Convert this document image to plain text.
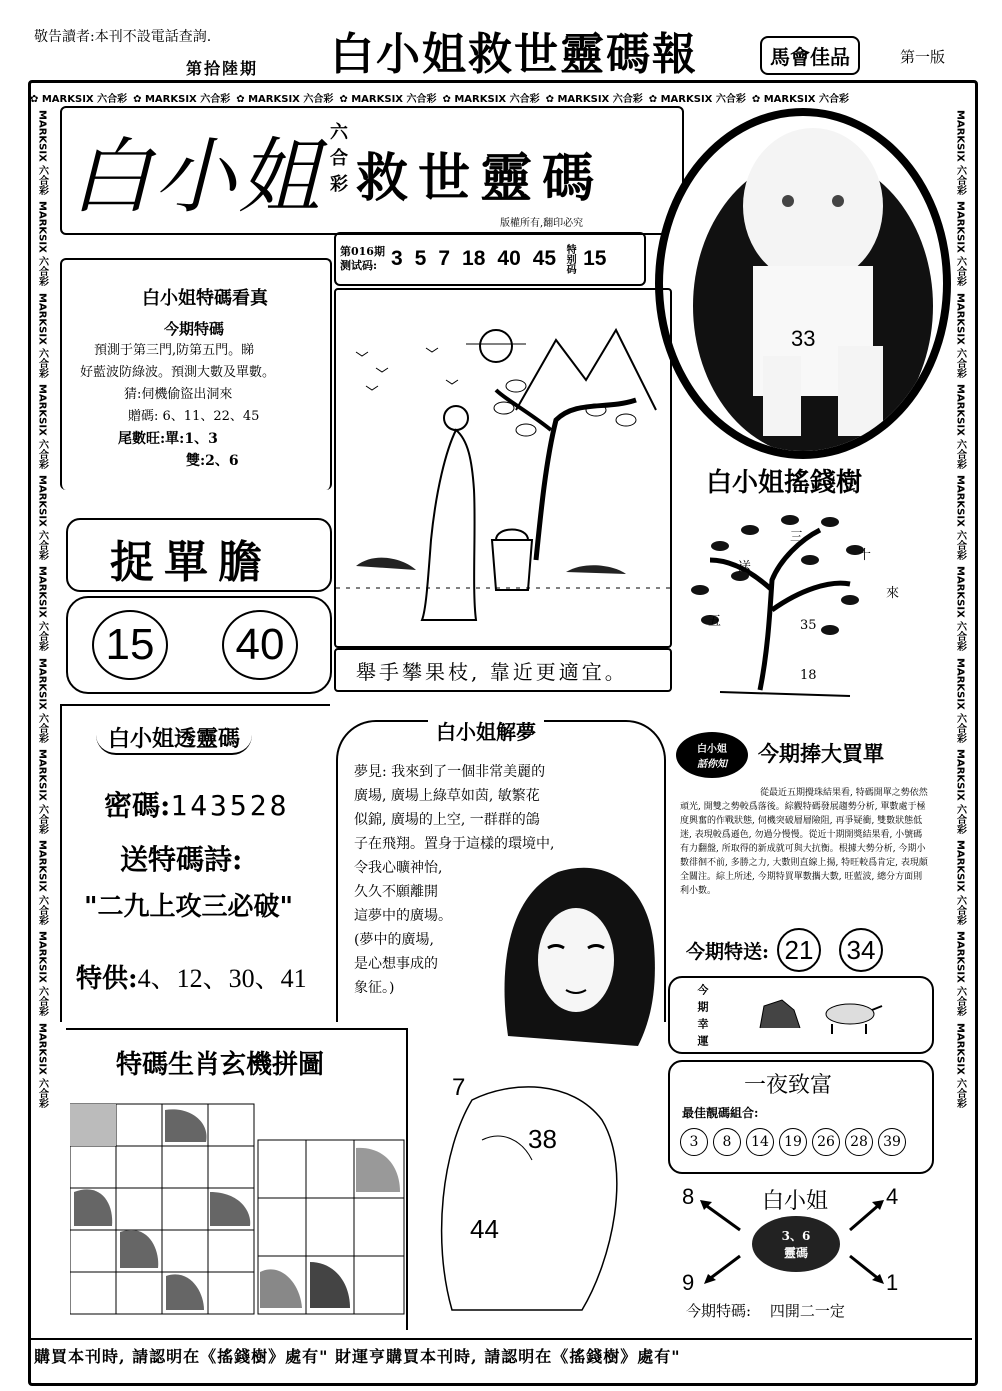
敬告讀者:本刊不設電話查詢.
第拾陸期 白小姐救世靈碼報	馬會佳品	第一版
✿ MARKSIX 六合彩 ✿ MARKSIX 六合彩 ✿ MARKSIX 六合彩 ✿ MARKSIX 六合彩 ✿ MARKSIX 六合彩 ✿ MARKSIX 六合彩 ✿ MARKSIX 六合彩 ✿ MARKSIX 六合彩
MARKSIX 六合彩
MARKSIX 六合彩
MARKSIX 六合彩
MARKSIX 六合彩
MARKSIX 六合彩
MARKSIX 六合彩
MARKSIX 六合彩
MARKSIX 六合彩
MARKSIX 六合彩
MARKSIX 六合彩
MARKSIX 六合彩
MARKSIX 六合彩
MARKSIX 六合彩
MARKSIX 六合彩
MARKSIX 六合彩
MARKSIX 六合彩
MARKSIX 六合彩
MARKSIX 六合彩
MARKSIX 六合彩
MARKSIX 六合彩
MARKSIX 六合彩
MARKSIX 六合彩
白小姐 六
合
彩 救世靈碼
版權所有,翻印必究
33
第016期
测试码: 3 5 7 18 40 45 特别码 15
白小姐特碼看真
今期特碼
預測于第三門,防第五門。睇
好藍波防綠波。預測大數及單數。
猜:伺機偷盜出洞來
贈碼: 6、11、22、45
尾數旺:單:1、3
雙:2、6
捉單膽
15	40
舉手攀果枝, 靠近更適宜。
白小姐搖錢樹
三
十
送
來
五	35
18
白小姐透靈碼
密碼:143528
送特碼詩:
"二九上攻三必破"
特供:4、12、30、41
白小姐解夢
夢見: 我來到了一個非常美麗的
廣場, 廣場上綠草如茵, 敏繁花
似錦, 廣場的上空, 一群群的鴿
子在飛翔。置身于這樣的環境中,
令我心曠神怡,
久久不願離開
這夢中的廣場。
(夢中的廣場,
是心想事成的
象征。)
白小姐
話你知 今期捧大買單
從最近五期攪珠結果看, 特碼開單之勢依然頑光, 開雙之勢較爲落後。綜觀特碼發展趨勢分析, 單數處于極度興奮的作戰狀態, 伺機突破層層險阻, 再爭疑衝, 雙數狀態低迷, 表現較爲遜色, 勿過分慢慢。從近十期開獎結果看, 小號碼有力翻盤, 所取得的新成就可與大抗衡。根據大勢分析, 今期小數徘徊不前, 多勝之力, 大數則直線上揚, 特旺較爲肯定, 表現頗全關注。綜上所述, 今期特買單數攜大數, 旺藍波, 總分方面則利小數。
今期特送: 21 34
今期幸運
一夜致富
最佳靚碼組合:
3	8	14	19	26	28	39
特碼生肖玄機拼圖
7
38
44
白小姐
3、6
靈碼
8	4
9	1
今期特碼: 四開二一定
購買本刊時, 請認明在《搖錢樹》處有" 財運亨購買本刊時, 請認明在《搖錢樹》處有"
